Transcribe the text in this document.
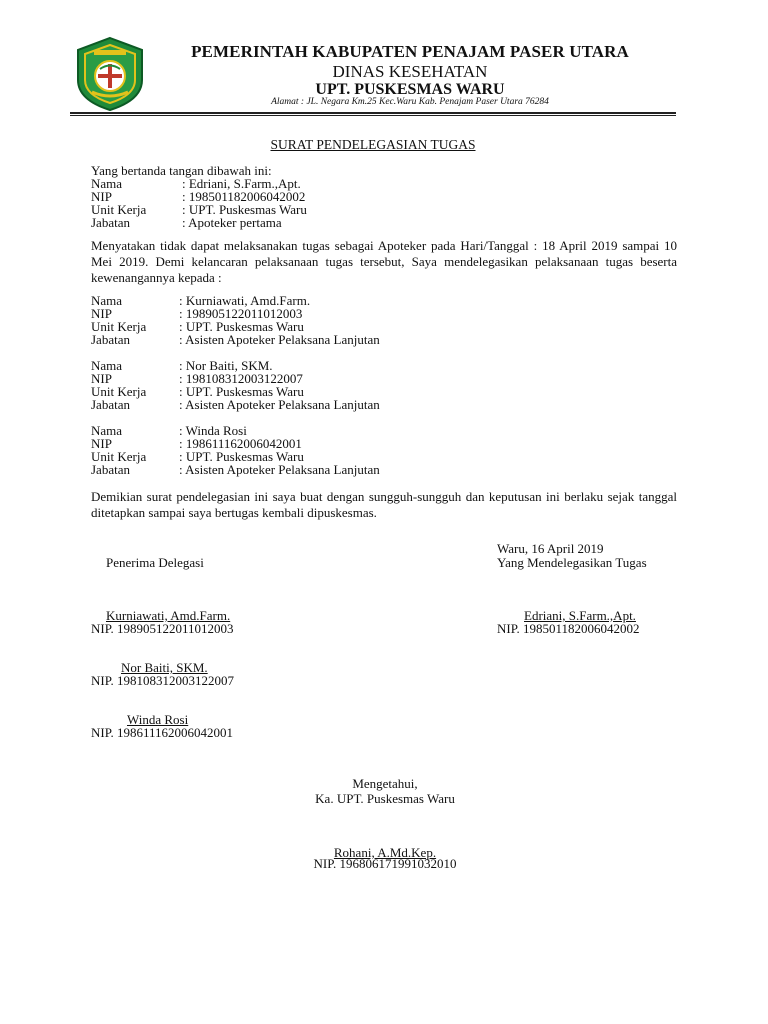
PEMERINTAH KABUPATEN PENAJAM PASER UTARA
DINAS KESEHATAN
UPT. PUSKESMAS WARU
Alamat : JL. Negara Km.25 Kec.Waru Kab. Penajam Paser Utara 76284
SURAT PENDELEGASIAN TUGAS
Yang bertanda tangan dibawah ini:
Nama	: Edriani, S.Farm.,Apt.
NIP	: 198501182006042002
Unit Kerja	: UPT. Puskesmas Waru
Jabatan	: Apoteker pertama
Menyatakan tidak dapat melaksanakan tugas sebagai Apoteker pada Hari/Tanggal : 18 April 2019 sampai 10 Mei 2019. Demi kelancaran pelaksanaan tugas tersebut, Saya mendelegasikan pelaksanaan tugas beserta kewenangannya kepada :
Nama	: Kurniawati, Amd.Farm.
NIP	: 198905122011012003
Unit Kerja	: UPT. Puskesmas Waru
Jabatan	: Asisten Apoteker Pelaksana Lanjutan
Nama	: Nor Baiti, SKM.
NIP	: 198108312003122007
Unit Kerja	: UPT. Puskesmas Waru
Jabatan	: Asisten Apoteker Pelaksana Lanjutan
Nama	: Winda Rosi
NIP	: 198611162006042001
Unit Kerja	: UPT. Puskesmas Waru
Jabatan	: Asisten Apoteker Pelaksana Lanjutan
Demikian surat pendelegasian ini saya buat dengan sungguh-sungguh dan keputusan ini berlaku sejak tanggal ditetapkan sampai saya bertugas kembali dipuskesmas.
Waru, 16 April 2019
Penerima Delegasi	Yang Mendelegasikan Tugas
Kurniawati, Amd.Farm.
NIP. 198905122011012003
Edriani, S.Farm.,Apt.
NIP. 198501182006042002
Nor Baiti, SKM.
NIP. 198108312003122007
Winda Rosi
NIP. 198611162006042001
Mengetahui,
Ka. UPT. Puskesmas Waru
Rohani, A.Md.Kep.
NIP. 196806171991032010
